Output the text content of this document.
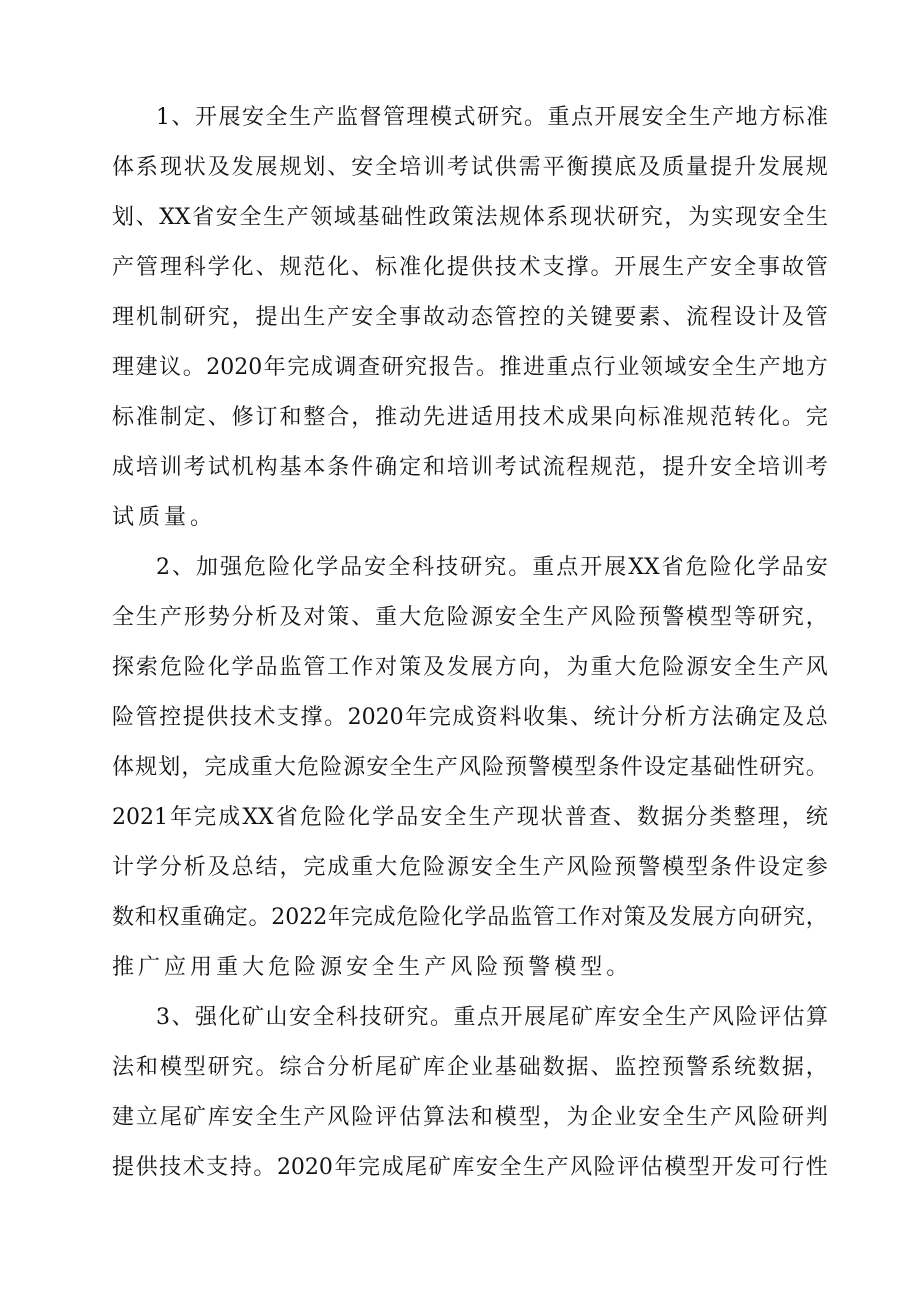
1 、 开 展 安 全 生 产 监 督 管 理 模 式 研 究 。 重 点 开 展 安 全 生 产 地 方 标 准
体 系 现 状 及 发 展 规 划 、 安 全 培 训 考 试 供 需 平 衡 摸 底 及 质 量 提 升 发 展 规
划 、 XX 省 安 全 生 产 领 域 基 础 性 政 策 法 规 体 系 现 状 研 究 ， 为 实 现 安 全 生
产 管 理 科 学 化 、 规 范 化 、 标 准 化 提 供 技 术 支 撑 。 开 展 生 产 安 全 事 故 管
理 机 制 研 究 ， 提 出 生 产 安 全 事 故 动 态 管 控 的 关 键 要 素 、 流 程 设 计 及 管
理 建 议 。 2020 年 完 成 调 查 研 究 报 告 。 推 进 重 点 行 业 领 域 安 全 生 产 地 方
标 准 制 定 、 修 订 和 整 合 ， 推 动 先 进 适 用 技 术 成 果 向 标 准 规 范 转 化 。 完
成 培 训 考 试 机 构 基 本 条 件 确 定 和 培 训 考 试 流 程 规 范 ， 提 升 安 全 培 训 考
试 质 量 。
2 、 加 强 危 险 化 学 品 安 全 科 技 研 究 。 重 点 开 展 XX 省 危 险 化 学 品 安
全 生 产 形 势 分 析 及 对 策 、 重 大 危 险 源 安 全 生 产 风 险 预 警 模 型 等 研 究 ，
探 索 危 险 化 学 品 监 管 工 作 对 策 及 发 展 方 向 ， 为 重 大 危 险 源 安 全 生 产 风
险 管 控 提 供 技 术 支 撑 。 2020 年 完 成 资 料 收 集 、 统 计 分 析 方 法 确 定 及 总
体 规 划 ， 完 成 重 大 危 险 源 安 全 生 产 风 险 预 警 模 型 条 件 设 定 基 础 性 研 究 。
2021 年 完 成 XX 省 危 险 化 学 品 安 全 生 产 现 状 普 查 、 数 据 分 类 整 理 ， 统
计 学 分 析 及 总 结 ， 完 成 重 大 危 险 源 安 全 生 产 风 险 预 警 模 型 条 件 设 定 参
数 和 权 重 确 定 。 2022 年 完 成 危 险 化 学 品 监 管 工 作 对 策 及 发 展 方 向 研 究 ，
推 广 应 用 重 大 危 险 源 安 全 生 产 风 险 预 警 模 型 。
3 、 强 化 矿 山 安 全 科 技 研 究 。 重 点 开 展 尾 矿 库 安 全 生 产 风 险 评 估 算
法 和 模 型 研 究 。 综 合 分 析 尾 矿 库 企 业 基 础 数 据 、 监 控 预 警 系 统 数 据 ，
建 立 尾 矿 库 安 全 生 产 风 险 评 估 算 法 和 模 型 ， 为 企 业 安 全 生 产 风 险 研 判
提 供 技 术 支 持 。 2020 年 完 成 尾 矿 库 安 全 生 产 风 险 评 估 模 型 开 发 可 行 性
